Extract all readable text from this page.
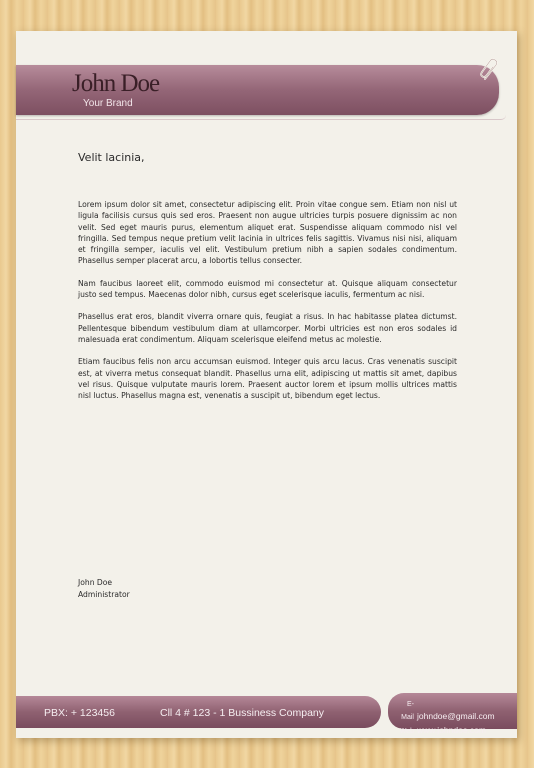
John Doe
Your Brand
Velit lacinia,

Lorem ipsum dolor sit amet, consectetur adipiscing elit. Proin vitae congue sem. Etiam non nisl ut ligula facilisis cursus quis sed eros. Praesent non augue ultricies turpis posuere dignissim ac non velit. Sed eget mauris purus, elementum aliquet erat. Suspendisse aliquam commodo nisl vel fringilla. Sed tempus neque pretium velit lacinia in ultrices felis sagittis. Vivamus nisi nisi, aliquam et fringilla semper, iaculis vel elit. Vestibulum pretium nibh a sapien sodales condimentum. Phasellus semper placerat arcu, a lobortis tellus consecter.

Nam faucibus laoreet elit, commodo euismod mi consectetur at. Quisque aliquam consectetur justo sed tempus. Maecenas dolor nibh, cursus eget scelerisque iaculis, fermentum ac nisi.

Phasellus erat eros, blandit viverra ornare quis, feugiat a risus. In hac habitasse platea dictumst. Pellentesque bibendum vestibulum diam at ullamcorper. Morbi ultricies est non eros sodales id malesuada erat condimentum. Aliquam scelerisque eleifend metus ac molestie.

Etiam faucibus felis non arcu accumsan euismod. Integer quis arcu lacus. Cras venenatis suscipit est, at viverra metus consequat blandit. Phasellus urna elit, adipiscing ut mattis sit amet, dapibus vel risus. Quisque vulputate mauris lorem. Praesent auctor lorem et ipsum mollis ultrices mattis nisl luctus. Phasellus magna est, venenatis a suscipit ut, bibendum eget lectus.

John Doe
Administrator
PBX: + 123456	Cll 4 # 123 - 1 Bussiness Company
E-Mail johndoe@gmail.com
Web www.johndoe.com
